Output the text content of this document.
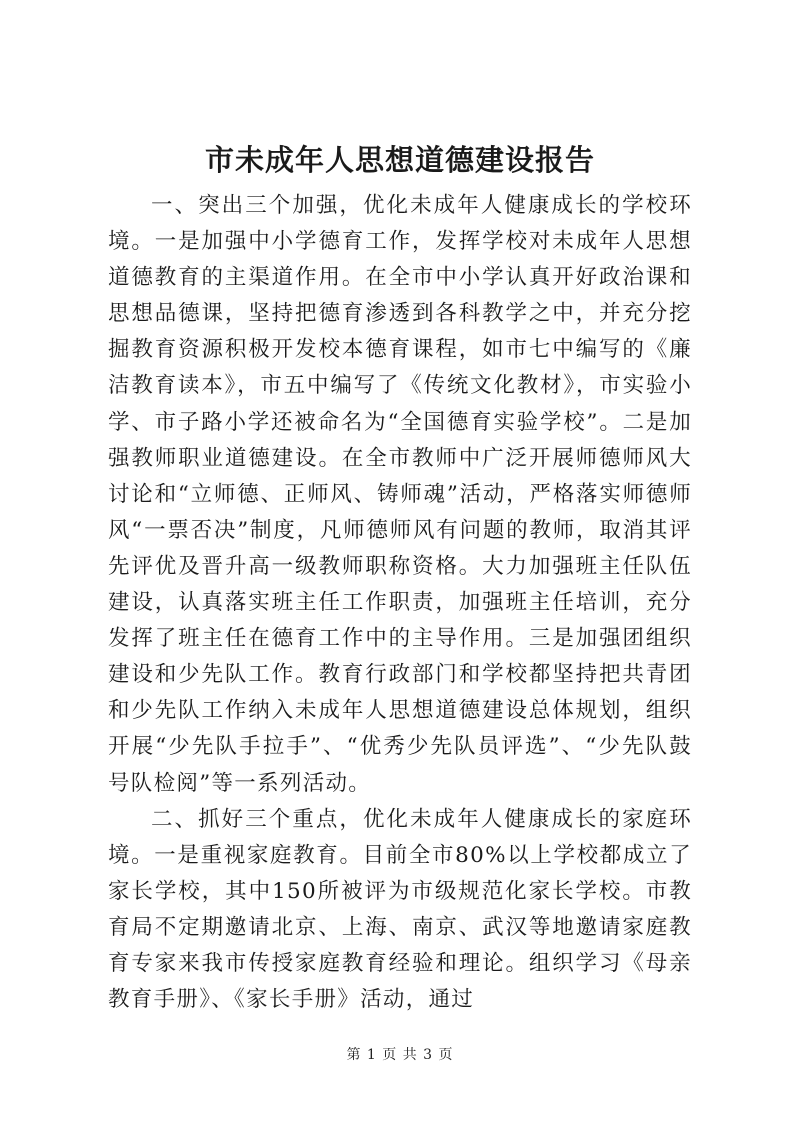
市未成年人思想道德建设报告

一、突出三个加强，优化未成年人健康成长的学校环境。一是加强中小学德育工作，发挥学校对未成年人思想道德教育的主渠道作用。在全市中小学认真开好政治课和思想品德课，坚持把德育渗透到各科教学之中，并充分挖掘教育资源积极开发校本德育课程，如市七中编写的《廉洁教育读本》，市五中编写了《传统文化教材》，市实验小学、市子路小学还被命名为“全国德育实验学校”。二是加强教师职业道德建设。在全市教师中广泛开展师德师风大讨论和“立师德、正师风、铸师魂”活动，严格落实师德师风“一票否决”制度，凡师德师风有问题的教师，取消其评先评优及晋升高一级教师职称资格。大力加强班主任队伍建设，认真落实班主任工作职责，加强班主任培训，充分发挥了班主任在德育工作中的主导作用。三是加强团组织建设和少先队工作。教育行政部门和学校都坚持把共青团和少先队工作纳入未成年人思想道德建设总体规划，组织开展“少先队手拉手”、“优秀少先队员评选”、“少先队鼓号队检阅”等一系列活动。

二、抓好三个重点，优化未成年人健康成长的家庭环境。一是重视家庭教育。目前全市80%以上学校都成立了家长学校，其中150所被评为市级规范化家长学校。市教育局不定期邀请北京、上海、南京、武汉等地邀请家庭教育专家来我市传授家庭教育经验和理论。组织学习《母亲教育手册》、《家长手册》活动，通过

第 1 页 共 3 页
